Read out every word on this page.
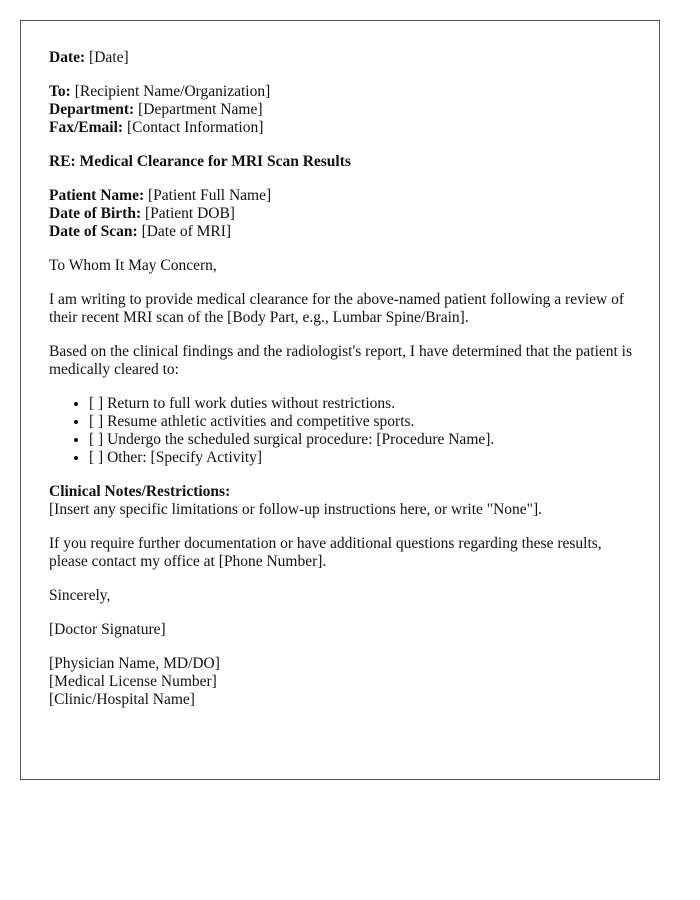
Date: [Date]

To: [Recipient Name/Organization]
Department: [Department Name]
Fax/Email: [Contact Information]

RE: Medical Clearance for MRI Scan Results

Patient Name: [Patient Full Name]
Date of Birth: [Patient DOB]
Date of Scan: [Date of MRI]

To Whom It May Concern,

I am writing to provide medical clearance for the above-named patient following a review of their recent MRI scan of the [Body Part, e.g., Lumbar Spine/Brain].

Based on the clinical findings and the radiologist's report, I have determined that the patient is medically cleared to:

• [ ] Return to full work duties without restrictions.
• [ ] Resume athletic activities and competitive sports.
• [ ] Undergo the scheduled surgical procedure: [Procedure Name].
• [ ] Other: [Specify Activity]

Clinical Notes/Restrictions:
[Insert any specific limitations or follow-up instructions here, or write "None"].

If you require further documentation or have additional questions regarding these results, please contact my office at [Phone Number].

Sincerely,

[Doctor Signature]

[Physician Name, MD/DO]
[Medical License Number]
[Clinic/Hospital Name]
